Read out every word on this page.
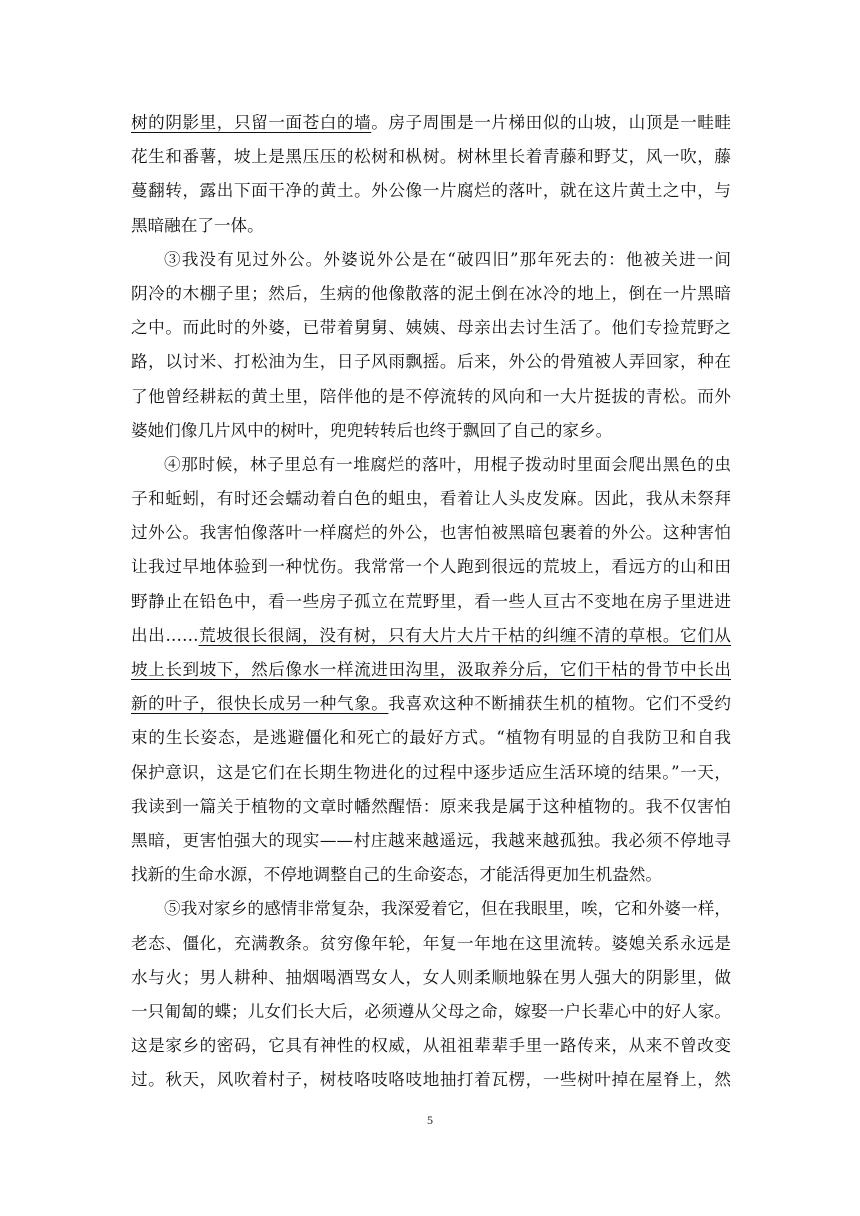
树的阴影里，只留一面苍白的墙。房子周围是一片梯田似的山坡，山顶是一畦畦
花生和番薯，坡上是黑压压的松树和枞树。树林里长着青藤和野艾，风一吹，藤
蔓翻转，露出下面干净的黄土。外公像一片腐烂的落叶，就在这片黄土之中，与
黑暗融在了一体。
③我没有见过外公。外婆说外公是在“破四旧”那年死去的：他被关进一间
阴冷的木棚子里；然后，生病的他像散落的泥土倒在冰冷的地上，倒在一片黑暗
之中。而此时的外婆，已带着舅舅、姨姨、母亲出去讨生活了。他们专捡荒野之
路，以讨米、打松油为生，日子风雨飘摇。后来，外公的骨殖被人弄回家，种在
了他曾经耕耘的黄土里，陪伴他的是不停流转的风向和一大片挺拔的青松。而外
婆她们像几片风中的树叶，兜兜转转后也终于飘回了自己的家乡。
④那时候，林子里总有一堆腐烂的落叶，用棍子拨动时里面会爬出黑色的虫
子和蚯蚓，有时还会蠕动着白色的蛆虫，看着让人头皮发麻。因此，我从未祭拜
过外公。我害怕像落叶一样腐烂的外公，也害怕被黑暗包裹着的外公。这种害怕
让我过早地体验到一种忧伤。我常常一个人跑到很远的荒坡上，看远方的山和田
野静止在铅色中，看一些房子孤立在荒野里，看一些人亘古不变地在房子里进进
出出……荒坡很长很阔，没有树，只有大片大片干枯的纠缠不清的草根。它们从
坡上长到坡下，然后像水一样流进田沟里，汲取养分后，它们干枯的骨节中长出
新的叶子，很快长成另一种气象。我喜欢这种不断捕获生机的植物。它们不受约
束的生长姿态，是逃避僵化和死亡的最好方式。“植物有明显的自我防卫和自我
保护意识，这是它们在长期生物进化的过程中逐步适应生活环境的结果。”一天，
我读到一篇关于植物的文章时幡然醒悟：原来我是属于这种植物的。我不仅害怕
黑暗，更害怕强大的现实——村庄越来越遥远，我越来越孤独。我必须不停地寻
找新的生命水源，不停地调整自己的生命姿态，才能活得更加生机盎然。
⑤我对家乡的感情非常复杂，我深爱着它，但在我眼里，唉，它和外婆一样，
老态、僵化，充满教条。贫穷像年轮，年复一年地在这里流转。婆媳关系永远是
水与火；男人耕种、抽烟喝酒骂女人，女人则柔顺地躲在男人强大的阴影里，做
一只匍匐的蝶；儿女们长大后，必须遵从父母之命，嫁娶一户长辈心中的好人家。
这是家乡的密码，它具有神性的权威，从祖祖辈辈手里一路传来，从来不曾改变
过。秋天，风吹着村子，树枝咯吱咯吱地抽打着瓦楞，一些树叶掉在屋脊上，然
5
